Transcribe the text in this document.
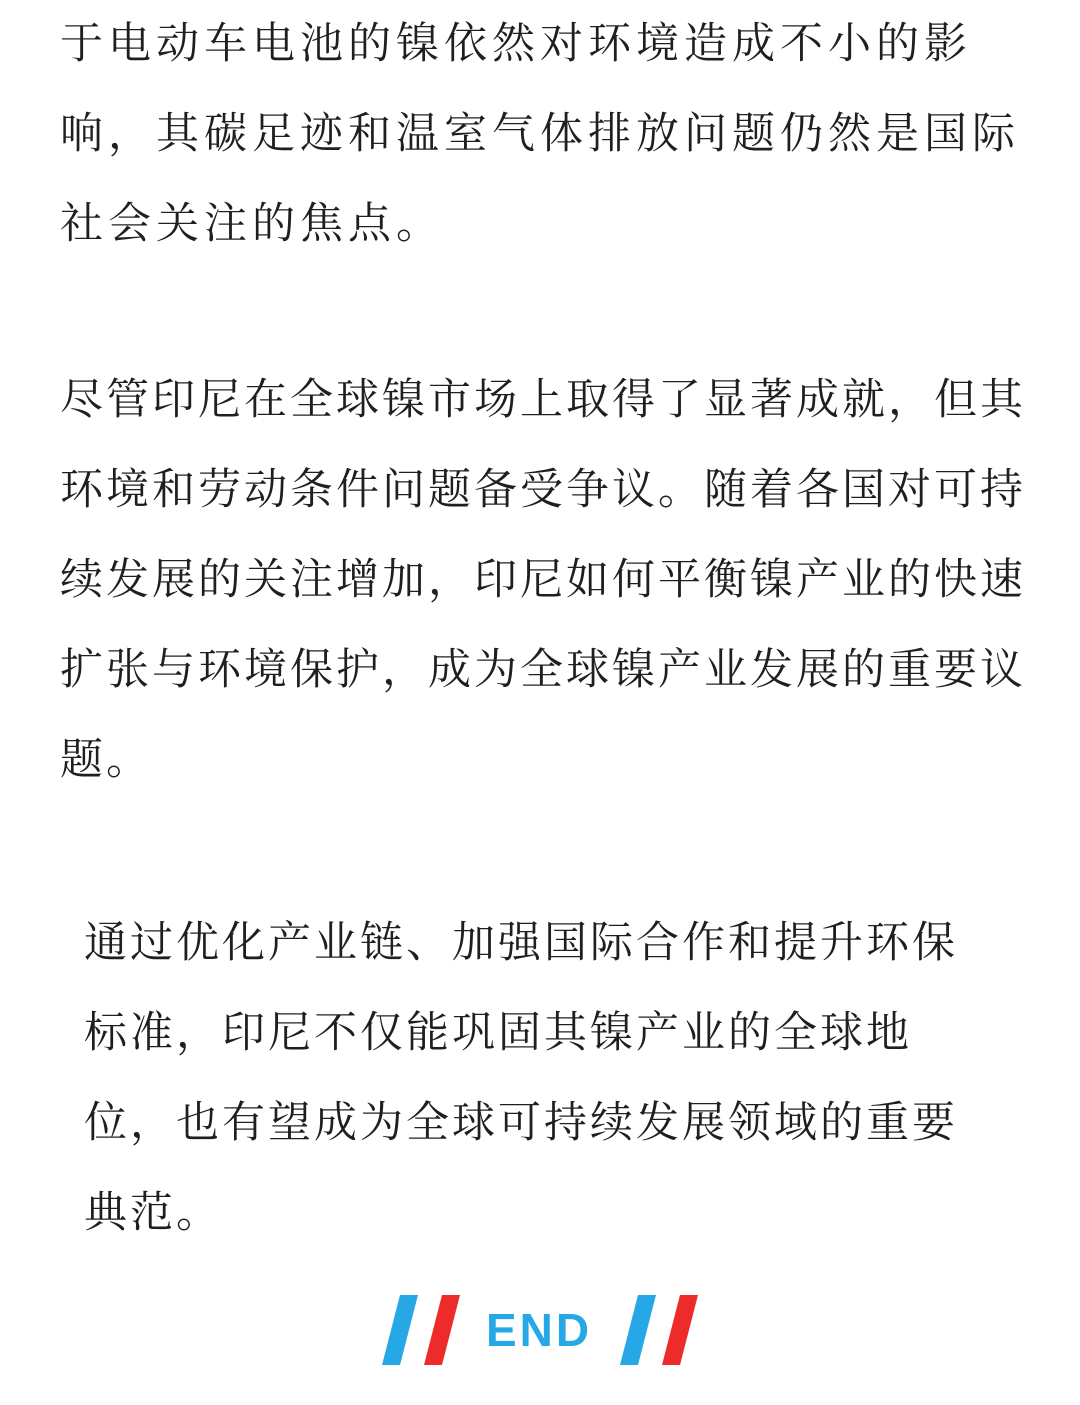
于电动车电池的镍依然对环境造成不小的影响，其碳足迹和温室气体排放问题仍然是国际社会关注的焦点。

尽管印尼在全球镍市场上取得了显著成就，但其环境和劳动条件问题备受争议。随着各国对可持续发展的关注增加，印尼如何平衡镍产业的快速扩张与环境保护，成为全球镍产业发展的重要议题。

通过优化产业链、加强国际合作和提升环保标准，印尼不仅能巩固其镍产业的全球地位，也有望成为全球可持续发展领域的重要典范。

END
